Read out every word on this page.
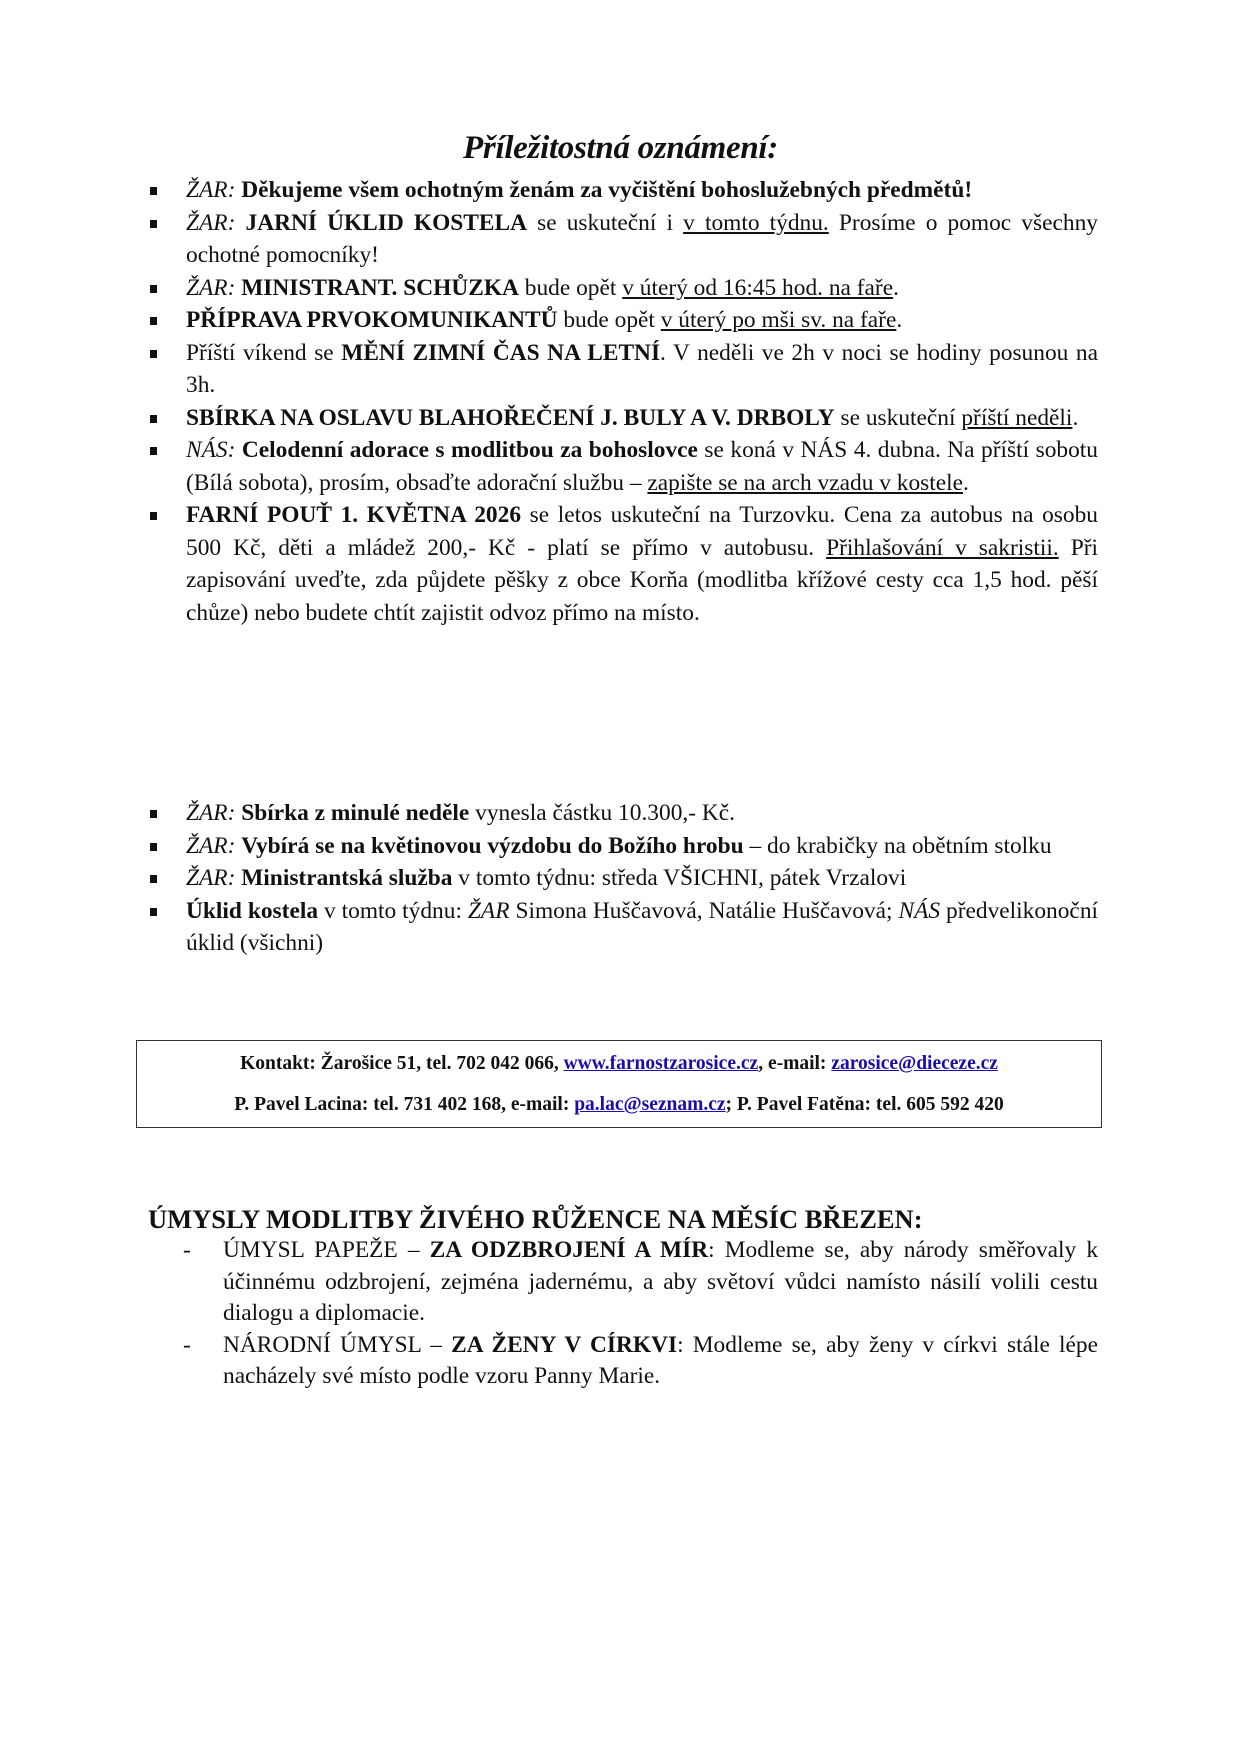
Příležitostná oznámení:
ŽAR: Děkujeme všem ochotným ženám za vyčištění bohoslužebných předmětů!
ŽAR: JARNÍ ÚKLID KOSTELA se uskuteční i v tomto týdnu. Prosíme o pomoc všechny ochotné pomocníky!
ŽAR: MINISTRANT. SCHŮZKA bude opět v úterý od 16:45 hod. na faře.
PŘÍPRAVA PRVOKOMUNIKANTŮ bude opět v úterý po mši sv. na faře.
Příští víkend se MĚNÍ ZIMNÍ ČAS NA LETNÍ. V neděli ve 2h v noci se hodiny posunou na 3h.
SBÍRKA NA OSLAVU BLAHOŘEČENÍ J. BULY A V. DRBOLY se uskuteční příští neděli.
NÁS: Celodenní adorace s modlitbou za bohoslovce se koná v NÁS 4. dubna. Na příští sobotu (Bílá sobota), prosím, obsaďte adorační službu – zapište se na arch vzadu v kostele.
FARNÍ POUŤ 1. KVĚTNA 2026 se letos uskuteční na Turzovku. Cena za autobus na osobu 500 Kč, děti a mládež 200,- Kč - platí se přímo v autobusu. Přihlašování v sakristii. Při zapisování uveďte, zda půjdete pěšky z obce Korňa (modlitba křížové cesty cca 1,5 hod. pěší chůze) nebo budete chtít zajistit odvoz přímo na místo.
ŽAR: Sbírka z minulé neděle vynesla částku 10.300,- Kč.
ŽAR: Vybírá se na květinovou výzdobu do Božího hrobu – do krabičky na obětním stolku
ŽAR: Ministrantská služba v tomto týdnu: středa VŠICHNI, pátek Vrzalovi
Úklid kostela v tomto týdnu: ŽAR Simona Huščavová, Natálie Huščavová; NÁS předvelikonoční úklid (všichni)
Kontakt: Žarošice 51, tel. 702 042 066, www.farnostzarosice.cz, e-mail: zarosice@dieceze.cz
P. Pavel Lacina: tel. 731 402 168, e-mail: pa.lac@seznam.cz; P. Pavel Fatěna: tel. 605 592 420
ÚMYSLY MODLITBY ŽIVÉHO RŮŽENCE NA MĚSÍC BŘEZEN:
- ÚMYSL PAPEŽE – ZA ODZBROJENÍ A MÍR: Modleme se, aby národy směřovaly k účinnému odzbrojení, zejména jadernému, a aby světoví vůdci namísto násilí volili cestu dialogu a diplomacie.
- NÁRODNÍ ÚMYSL – ZA ŽENY V CÍRKVI: Modleme se, aby ženy v církvi stále lépe nacházely své místo podle vzoru Panny Marie.
